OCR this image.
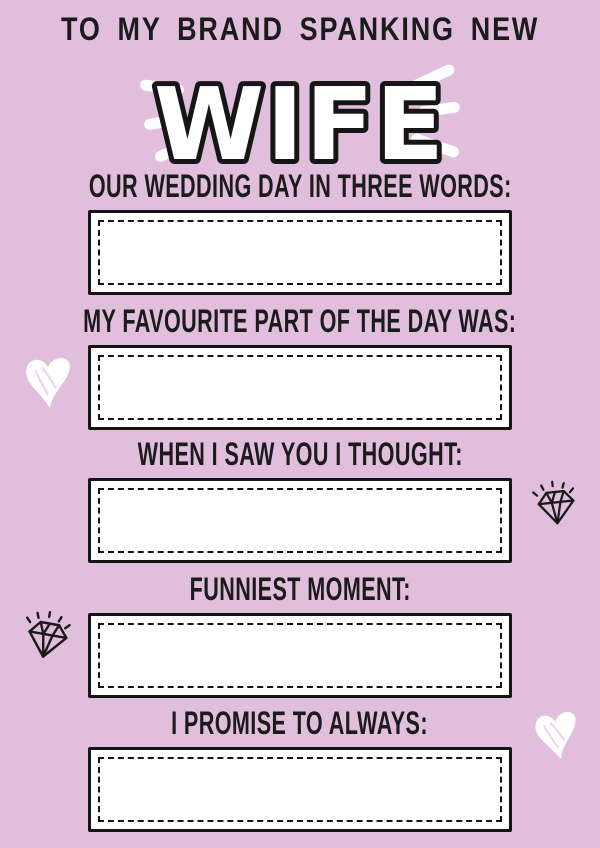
TO MY BRAND SPANKING NEW
WIFE
OUR WEDDING DAY IN THREE WORDS:
MY FAVOURITE PART OF THE DAY WAS:
WHEN I SAW YOU I THOUGHT:
FUNNIEST MOMENT:
I PROMISE TO ALWAYS:
